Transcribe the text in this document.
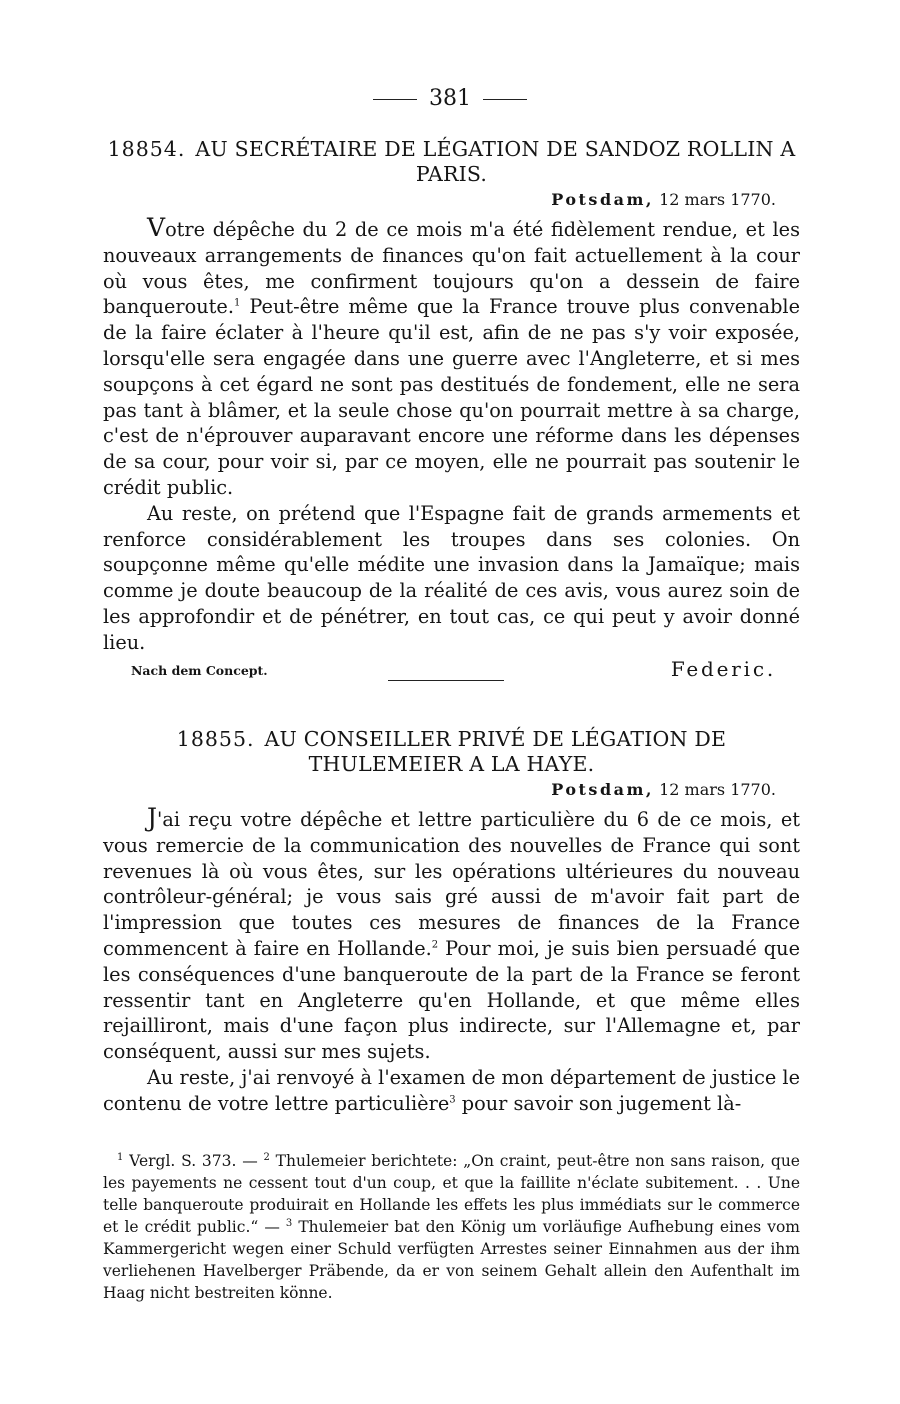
381
18854. AU SECRÉTAIRE DE LÉGATION DE SANDOZ ROLLIN A PARIS.
Potsdam, 12 mars 1770.

Votre dépêche du 2 de ce mois m'a été fidèlement rendue, et les nouveaux arrangements de finances qu'on fait actuellement à la cour où vous êtes, me confirment toujours qu'on a dessein de faire banqueroute.$^1$ Peut-être même que la France trouve plus convenable de la faire éclater à l'heure qu'il est, afin de ne pas s'y voir exposée, lorsqu'elle sera engagée dans une guerre avec l'Angleterre, et si mes soupçons à cet égard ne sont pas destitués de fondement, elle ne sera pas tant à blâmer, et la seule chose qu'on pourrait mettre à sa charge, c'est de n'éprouver auparavant encore une réforme dans les dépenses de sa cour, pour voir si, par ce moyen, elle ne pourrait pas soutenir le crédit public.

Au reste, on prétend que l'Espagne fait de grands armements et renforce considérablement les troupes dans ses colonies. On soupçonne même qu'elle médite une invasion dans la Jamaïque; mais comme je doute beaucoup de la réalité de ces avis, vous aurez soin de les approfondir et de pénétrer, en tout cas, ce qui peut y avoir donné lieu.

Nach dem Concept.	Federic.
18855. AU CONSEILLER PRIVÉ DE LÉGATION DE THULEMEIER A LA HAYE.
Potsdam, 12 mars 1770.

J'ai reçu votre dépêche et lettre particulière du 6 de ce mois, et vous remercie de la communication des nouvelles de France qui sont revenues là où vous êtes, sur les opérations ultérieures du nouveau contrôleur-général; je vous sais gré aussi de m'avoir fait part de l'impression que toutes ces mesures de finances de la France commencent à faire en Hollande.$^2$ Pour moi, je suis bien persuadé que les conséquences d'une banqueroute de la part de la France se feront ressentir tant en Angleterre qu'en Hollande, et que même elles rejailliront, mais d'une façon plus indirecte, sur l'Allemagne et, par conséquent, aussi sur mes sujets.

Au reste, j'ai renvoyé à l'examen de mon département de justice le contenu de votre lettre particulière$^3$ pour savoir son jugement là-

$^1$ Vergl. S. 373. — $^2$ Thulemeier berichtete: „On craint, peut-être non sans raison, que les payements ne cessent tout d'un coup, et que la faillite n'éclate subitement. . . Une telle banqueroute produirait en Hollande les effets les plus immédiats sur le commerce et le crédit public.“ — $^3$ Thulemeier bat den König um vorläufige Aufhebung eines vom Kammergericht wegen einer Schuld verfügten Arrestes seiner Einnahmen aus der ihm verliehenen Havelberger Präbende, da er von seinem Gehalt allein den Aufenthalt im Haag nicht bestreiten könne.
